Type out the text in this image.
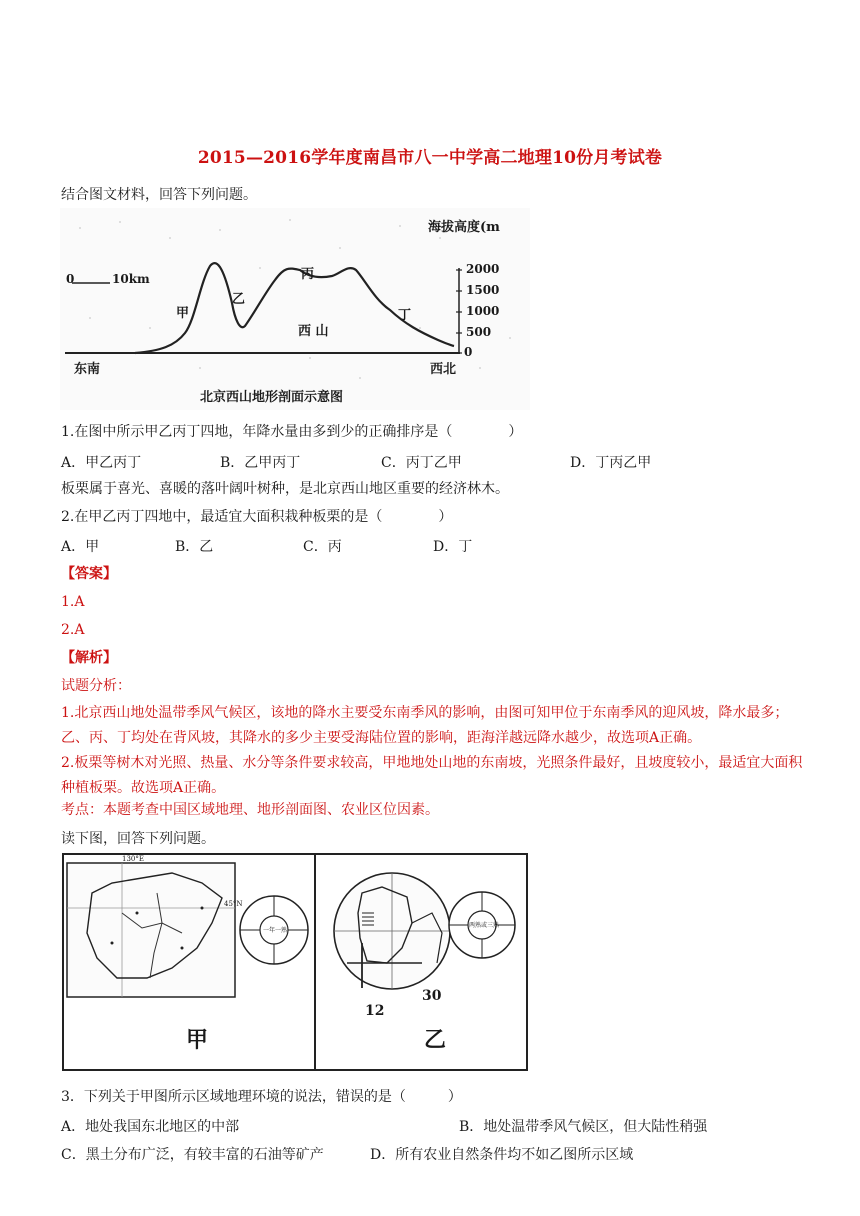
2015—2016学年度南昌市八一中学高二地理10份月考试卷
结合图文材料，回答下列问题。
0	10km
海拔高度(m
2000
1500
1000
500
0
甲
乙
丙
丁
西 山
东南	西北
北京西山地形剖面示意图
1.在图中所示甲乙丙丁四地，年降水量由多到少的正确排序是（　　　　）
A．甲乙丙丁	B．乙甲丙丁	C．丙丁乙甲	D．丁丙乙甲
板栗属于喜光、喜暖的落叶阔叶树种，是北京西山地区重要的经济林木。
2.在甲乙丙丁四地中，最适宜大面积栽种板栗的是（　　　　）
A．甲	B．乙	C．丙	D．丁
【答案】
1.A
2.A
【解析】
试题分析：
1.北京西山地处温带季风气候区，该地的降水主要受东南季风的影响，由图可知甲位于东南季风的迎风坡，降水最多；乙、丙、丁均处在背风坡，其降水的多少主要受海陆位置的影响，距海洋越远降水越少，故选项A正确。
2.板栗等树木对光照、热量、水分等条件要求较高，甲地地处山地的东南坡，光照条件最好，且坡度较小，最适宜大面积种植板栗。故选项A正确。
考点：本题考查中国区域地理、地形剖面图、农业区位因素。
读下图，回答下列问题。
130°E
45°N
一年一熟
两熟或三熟
30
12
甲	乙
3．下列关于甲图所示区域地理环境的说法，错误的是（　　　）
A．地处我国东北地区的中部	B．地处温带季风气候区，但大陆性稍强
C．黑土分布广泛，有较丰富的石油等矿产	D．所有农业自然条件均不如乙图所示区域
